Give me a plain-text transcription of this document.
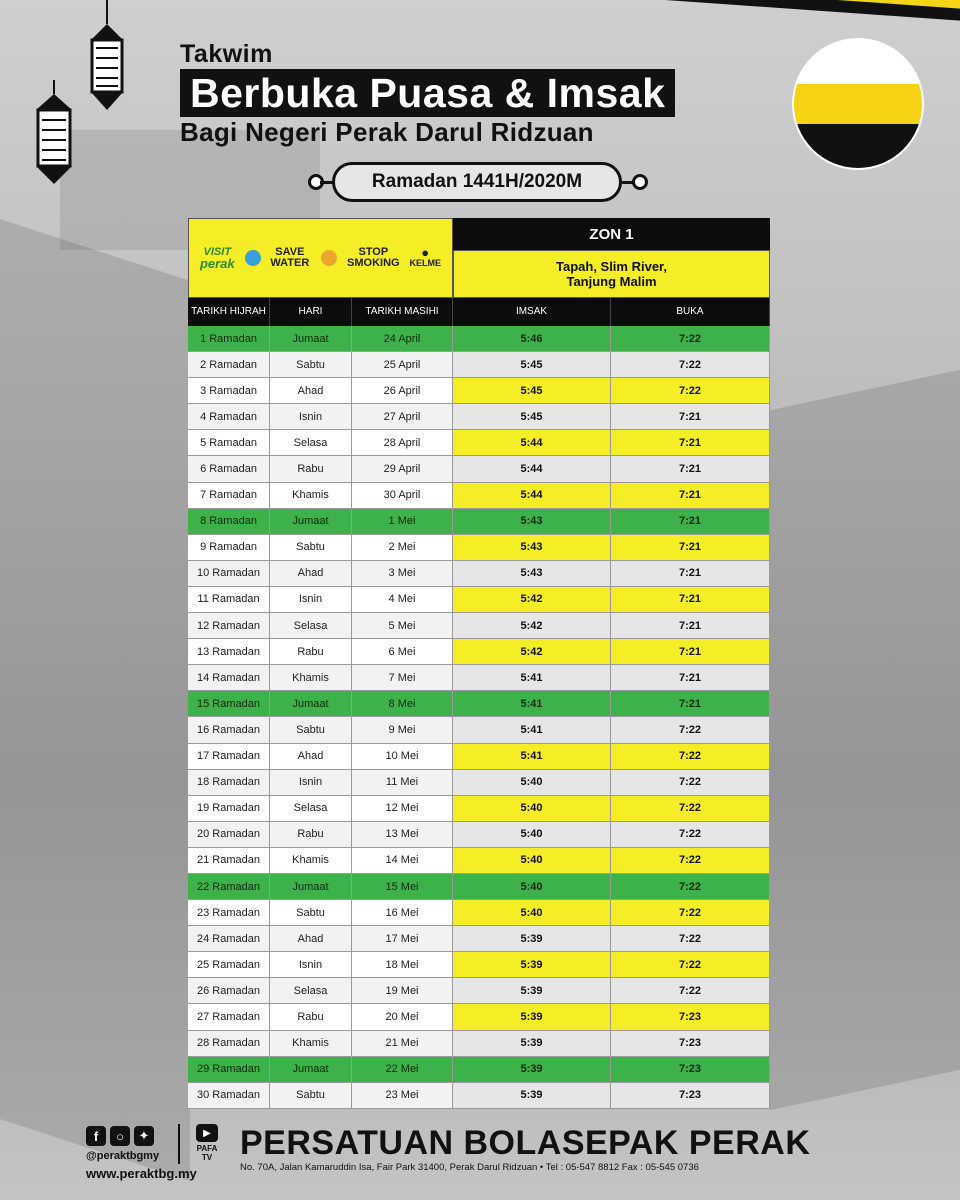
Takwim
Berbuka Puasa & Imsak
Bagi Negeri Perak Darul Ridzuan
Ramadan 1441H/2020M
VISIT
perak
SAVE
WATER
STOP
SMOKING
●
KELME
ZON 1
Tapah, Slim River,
Tanjung Malim
TARIKH HIJRAH	HARI	TARIKH MASIHI	IMSAK	BUKA
1 Ramadan	Jumaat	24 April	5:46	7:22
2 Ramadan	Sabtu	25 April	5:45	7:22
3 Ramadan	Ahad	26 April	5:45	7:22
4 Ramadan	Isnin	27 April	5:45	7:21
5 Ramadan	Selasa	28 April	5:44	7:21
6 Ramadan	Rabu	29 April	5:44	7:21
7 Ramadan	Khamis	30 April	5:44	7:21
8 Ramadan	Jumaat	1 Mei	5:43	7:21
9 Ramadan	Sabtu	2 Mei	5:43	7:21
10 Ramadan	Ahad	3 Mei	5:43	7:21
11 Ramadan	Isnin	4 Mei	5:42	7:21
12 Ramadan	Selasa	5 Mei	5:42	7:21
13 Ramadan	Rabu	6 Mei	5:42	7:21
14 Ramadan	Khamis	7 Mei	5:41	7:21
15 Ramadan	Jumaat	8 Mei	5:41	7:21
16 Ramadan	Sabtu	9 Mei	5:41	7:22
17 Ramadan	Ahad	10 Mei	5:41	7:22
18 Ramadan	Isnin	11 Mei	5:40	7:22
19 Ramadan	Selasa	12 Mei	5:40	7:22
20 Ramadan	Rabu	13 Mei	5:40	7:22
21 Ramadan	Khamis	14 Mei	5:40	7:22
22 Ramadan	Jumaat	15 Mei	5:40	7:22
23 Ramadan	Sabtu	16 Mei	5:40	7:22
24 Ramadan	Ahad	17 Mei	5:39	7:22
25 Ramadan	Isnin	18 Mei	5:39	7:22
26 Ramadan	Selasa	19 Mei	5:39	7:22
27 Ramadan	Rabu	20 Mei	5:39	7:23
28 Ramadan	Khamis	21 Mei	5:39	7:23
29 Ramadan	Jumaat	22 Mei	5:39	7:23
30 Ramadan	Sabtu	23 Mei	5:39	7:23
f	○	✦	▶
PAFA TV
@peraktbgmy
www.peraktbg.my
PERSATUAN BOLASEPAK PERAK
No. 70A, Jalan Kamaruddin Isa, Fair Park 31400, Perak Darul Ridzuan • Tel : 05-547 8812 Fax : 05-545 0736
